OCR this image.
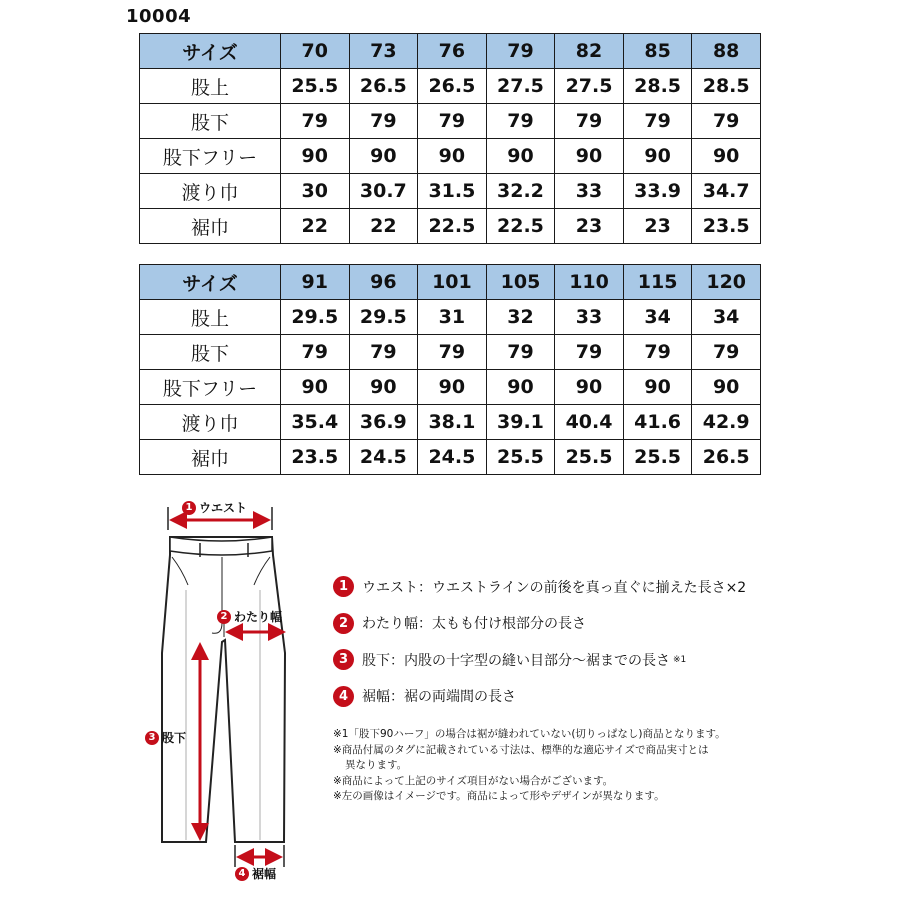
10004
サイズ	70	73	76	79	82	85	88
股上	25.5	26.5	26.5	27.5	27.5	28.5	28.5
股下	79	79	79	79	79	79	79
股下フリー	90	90	90	90	90	90	90
渡り巾	30	30.7	31.5	32.2	33	33.9	34.7
裾巾	22	22	22.5	22.5	23	23	23.5
サイズ	91	96	101	105	110	115	120
股上	29.5	29.5	31	32	33	34	34
股下	79	79	79	79	79	79	79
股下フリー	90	90	90	90	90	90	90
渡り巾	35.4	36.9	38.1	39.1	40.4	41.6	42.9
裾巾	23.5	24.5	24.5	25.5	25.5	25.5	26.5
1 ウエスト
2 わたり幅
3 股下
4 裾幅
1 ウエスト ：ウエストラインの前後を真っ直ぐに揃えた長さ×2
2 わたり幅 ：太もも付け根部分の長さ
3 股下 ：内股の十字型の縫い目部分～裾までの長さ ※1
4 裾幅 ：裾の両端間の長さ
※1「股下90ハーフ」の場合は裾が縫われていない(切りっぱなし)商品となります。
※商品付属のタグに記載されている寸法は、標準的な適応サイズで商品実寸とは
異なります。
※商品によって上記のサイズ項目がない場合がございます。
※左の画像はイメージです。商品によって形やデザインが異なります。
